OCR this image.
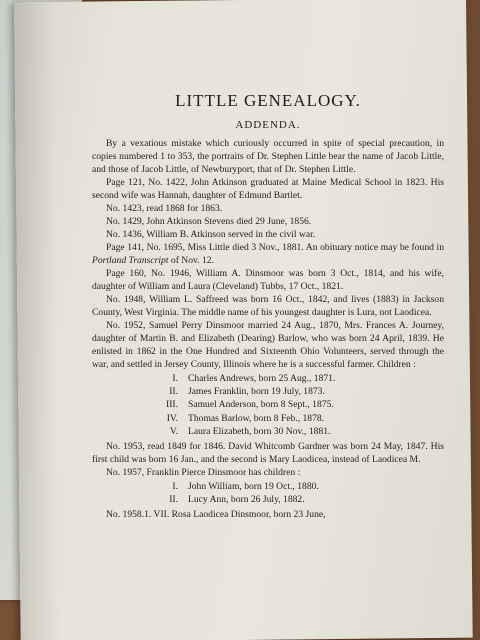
LITTLE GENEALOGY.
ADDENDA.

By a vexatious mistake which curiously occurred in spite of special precaution, in copies numbered 1 to 353, the portraits of Dr. Stephen Little bear the name of Jacob Little, and those of Jacob Little, of Newburyport, that of Dr. Stephen Little.

Page 121, No. 1422, John Atkinson graduated at Maine Medical School in 1823. His second wife was Hannah, daughter of Edmund Bartlet.

No. 1423, read 1868 for 1863.

No. 1429, John Atkinson Stevens died 29 June, 1856.

No. 1436, William B. Atkinson served in the civil war.

Page 141, No. 1695, Miss Little died 3 Nov., 1881. An obituary notice may be found in Portland Transcript of Nov. 12.

Page 160, No. 1946, William A. Dinsmoor was born 3 Oct., 1814, and his wife, daughter of William and Laura (Cleveland) Tubbs, 17 Oct., 1821.

No. 1948, William L. Saffreed was born 16 Oct., 1842, and lives (1883) in Jackson County, West Virginia. The middle name of his youngest daughter is Lura, not Laodicea.

No. 1952, Samuel Perry Dinsmoor married 24 Aug., 1870, Mrs. Frances A. Journey, daughter of Martin B. and Elizabeth (Dearing) Barlow, who was born 24 April, 1839. He enlisted in 1862 in the One Hundred and Sixteenth Ohio Volunteers, served through the war, and settled in Jersey County, Illinois where he is a successful farmer. Children :

I.	Charles Andrews, born 25 Aug., 1871.
II.	James Franklin, born 19 July, 1873.
III.	Samuel Anderson, born 8 Sept., 1875.
IV.	Thomas Barlow, born 8 Feb., 1878.
V.	Laura Elizabeth, born 30 Nov., 1881.

No. 1953, read 1849 for 1846. David Whitcomb Gardner was born 24 May, 1847. His first child was born 16 Jan., and the second is Mary Laodicea, instead of Laodicea M.

No. 1957, Franklin Pierce Dinsmoor has children :

I.	John William, born 19 Oct., 1880.
II.	Lucy Ann, born 26 July, 1882.

No. 1958.1. VII. Rosa Laodicea Dinsmoor, born 23 June,
